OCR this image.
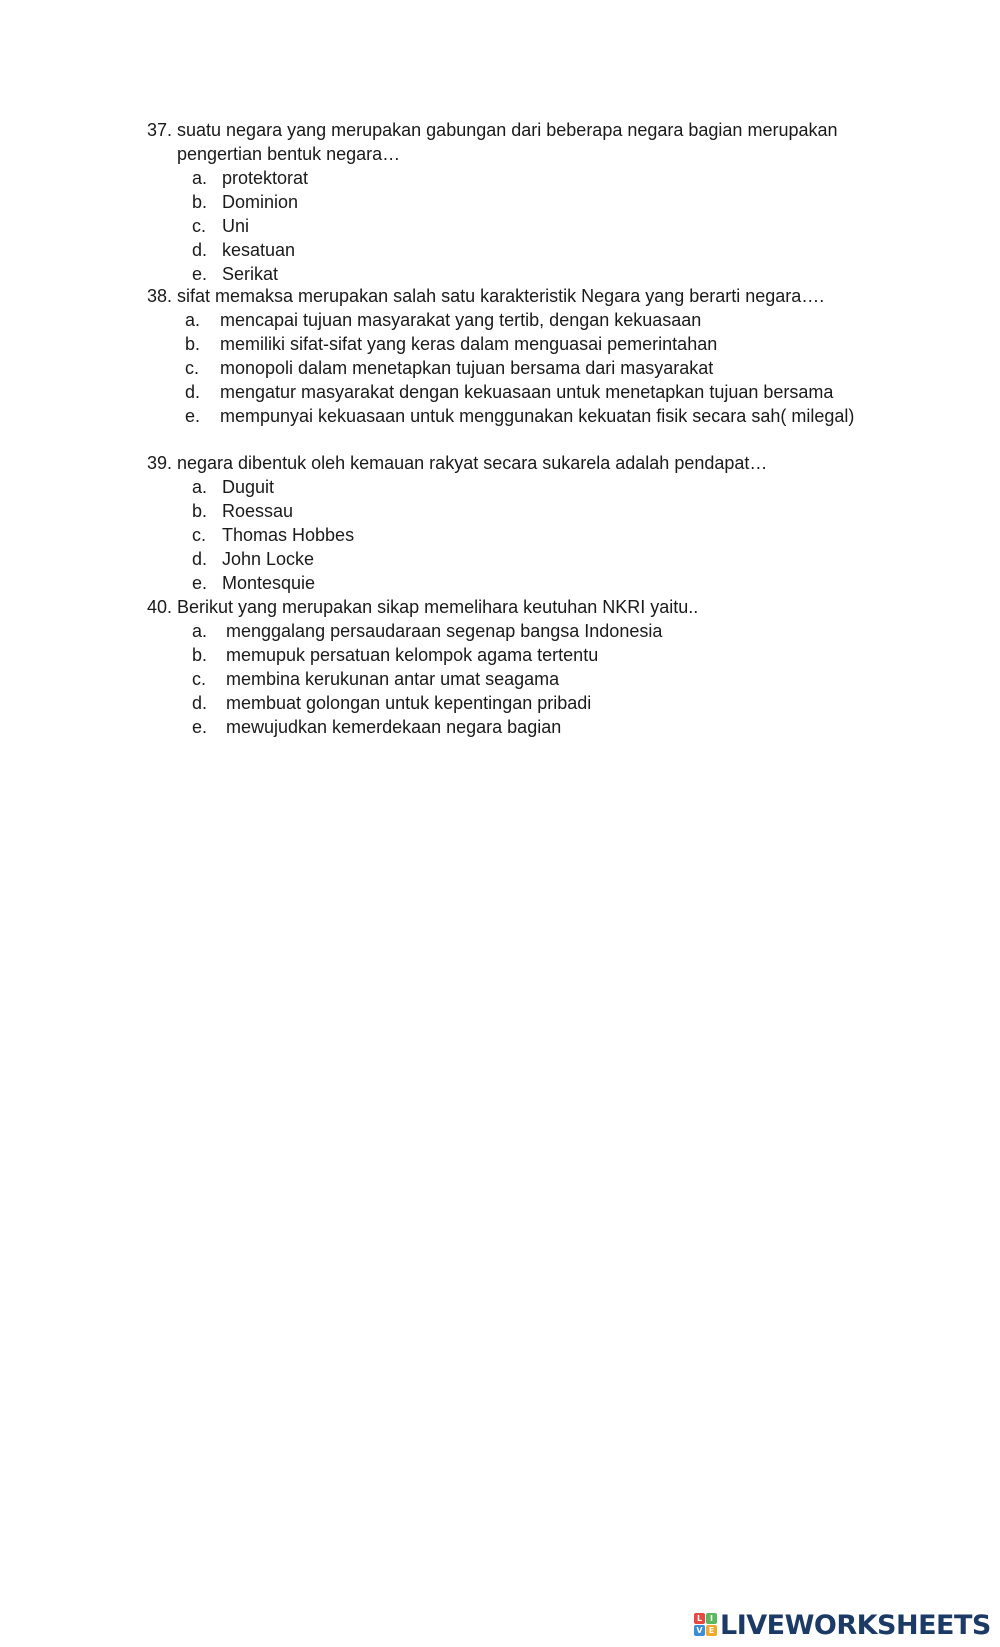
37. suatu negara yang merupakan gabungan dari beberapa negara bagian merupakan
pengertian bentuk negara…
a. protektorat
b. Dominion
c. Uni
d. kesatuan
e. Serikat
38. sifat memaksa merupakan salah satu karakteristik Negara yang berarti negara….
a. mencapai tujuan masyarakat yang tertib, dengan kekuasaan
b. memiliki sifat-sifat yang keras dalam menguasai pemerintahan
c. monopoli dalam menetapkan tujuan bersama dari masyarakat
d. mengatur masyarakat dengan kekuasaan untuk menetapkan tujuan bersama
e. mempunyai kekuasaan untuk menggunakan kekuatan fisik secara sah( milegal)
39. negara dibentuk oleh kemauan rakyat secara sukarela adalah pendapat…
a. Duguit
b. Roessau
c. Thomas Hobbes
d. John Locke
e. Montesquie
40. Berikut yang merupakan sikap memelihara keutuhan NKRI yaitu..
a. menggalang persaudaraan segenap bangsa Indonesia
b. memupuk persatuan kelompok agama tertentu
c. membina kerukunan antar umat seagama
d. membuat golongan untuk kepentingan pribadi
e. mewujudkan kemerdekaan negara bagian
L I
V E LIVEWORKSHEETS
